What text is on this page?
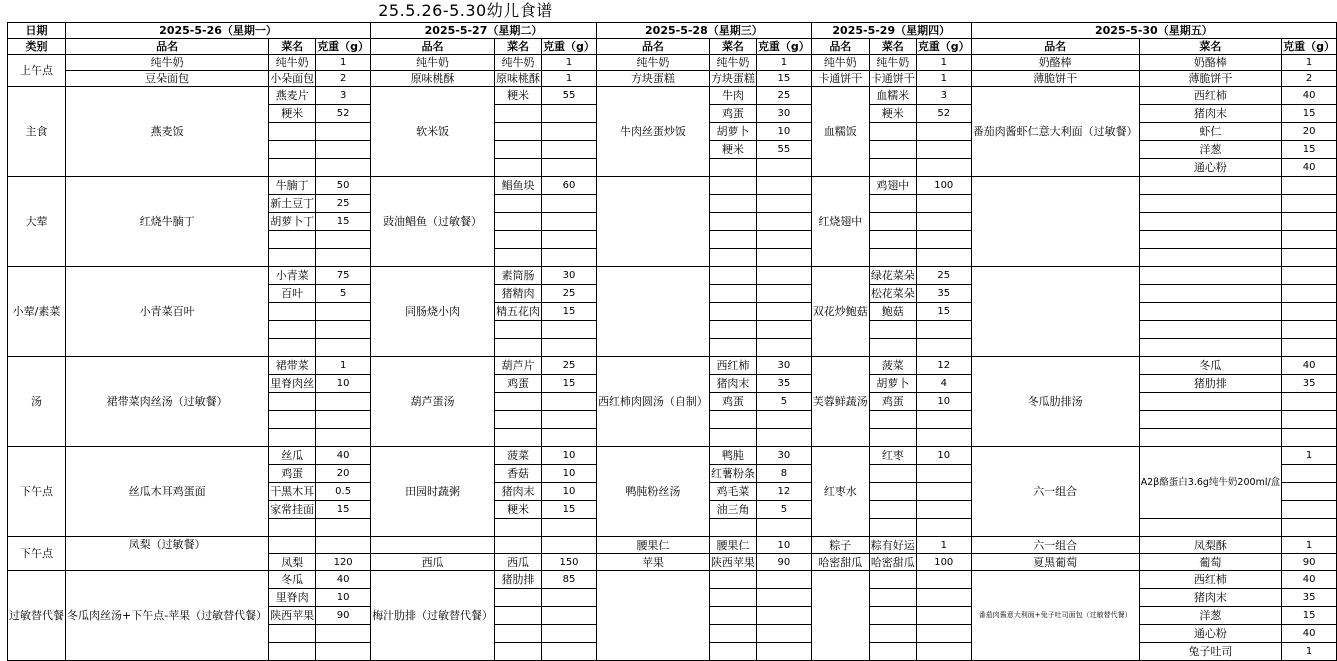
25.5.26-5.30幼儿食谱
日期	2025-5-26（星期一）			2025-5-27（星期二）			2025-5-28（星期三）			2025-5-29（星期四）			2025-5-30（星期五）		
类别	品名	菜名	克重（g）	品名	菜名	克重（g）	品名	菜名	克重（g）	品名	菜名	克重（g）	品名	菜名	克重（g）
上午点	纯牛奶	纯牛奶	1	纯牛奶	纯牛奶	1	纯牛奶	纯牛奶	1	纯牛奶	纯牛奶	1	奶酪棒	奶酪棒	1
	豆朵面包	小朵面包	2	原味桃酥	原味桃酥	1	方块蛋糕	方块蛋糕	15	卡通饼干	卡通饼干	1	薄脆饼干	薄脆饼干	2
主食	燕麦饭	燕麦片	3	软米饭	粳米	55	牛肉丝蛋炒饭	牛肉	25	血糯饭	血糯米	3	番茄肉酱虾仁意大利面（过敏餐）	西红柿	40
		粳米	52					鸡蛋	30		粳米	52		猪肉末	15
								胡萝卜	10					虾仁	20
								粳米	55					洋葱	15
														通心粉	40
大荤	红烧牛腩丁	牛腩丁	50	豉油鲳鱼（过敏餐）	鲳鱼块	60				红烧翅中	鸡翅中	100			
		新土豆丁	25												
		胡萝卜丁	15												

小荤/素菜	小青菜百叶	小青菜	75	同肠烧小肉	素筒肠	30				双花炒鲍菇	绿花菜朵	25			
		百叶	5		猪精肉	25					松花菜朵	35			
					精五花肉	15					鲍菇	15			

汤	裙带菜肉丝汤（过敏餐）	裙带菜	1	葫芦蛋汤	葫芦片	25	西红柿肉圆汤（自制）	西红柿	30	芙蓉鲜蔬汤	菠菜	12	冬瓜肋排汤	冬瓜	40
		里脊肉丝	10		鸡蛋	15		猪肉末	35		胡萝卜	4		猪肋排	35
								鸡蛋	5		鸡蛋	10			

下午点	丝瓜木耳鸡蛋面	丝瓜	40	田园时蔬粥	菠菜	10	鸭肫粉丝汤	鸭肫	30	红枣水	红枣	10	六一组合	A2β酪蛋白3.6g纯牛奶200ml/盒	1
		鸡蛋	20		香菇	10		红薯粉条	8						
		干黑木耳	0.5		猪肉末	10		鸡毛菜	12						
		家常挂面	15		粳米	15		油三角	5						

下午点	凤梨（过敏餐）						腰果仁	腰果仁	10	粽子	粽有好运	1	六一组合	凤梨酥	1
		凤梨	120	西瓜	西瓜	150	苹果	陕西苹果	90	哈密甜瓜	哈密甜瓜	100	夏黑葡萄	葡萄	90
过敏替代餐	冬瓜肉丝汤+下午点-苹果（过敏替代餐）	冬瓜	40	梅汁肋排（过敏替代餐）	猪肋排	85							番茄肉酱意大利面+兔子吐司面包（过敏替代餐）	西红柿	40
		里脊肉	10											猪肉末	35
		陕西苹果	90											洋葱	15
														通心粉	40
														兔子吐司	1
